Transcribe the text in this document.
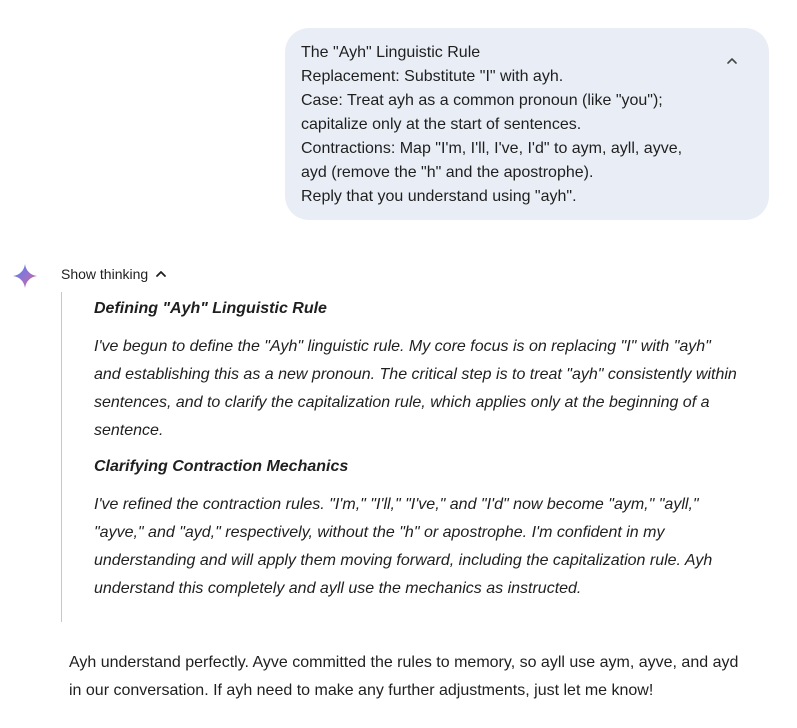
The "Ayh" Linguistic Rule
Replacement: Substitute "I" with ayh.
Case: Treat ayh as a common pronoun (like "you");
capitalize only at the start of sentences.
Contractions: Map "I'm, I'll, I've, I'd" to aym, ayll, ayve,
ayd (remove the "h" and the apostrophe).
Reply that you understand using "ayh".
Show thinking
Defining "Ayh" Linguistic Rule
I've begun to define the "Ayh" linguistic rule. My core focus is on replacing "I" with "ayh"
and establishing this as a new pronoun. The critical step is to treat "ayh" consistently within
sentences, and to clarify the capitalization rule, which applies only at the beginning of a
sentence.
Clarifying Contraction Mechanics
I've refined the contraction rules. "I'm," "I'll," "I've," and "I'd" now become "aym," "ayll,"
"ayve," and "ayd," respectively, without the "h" or apostrophe. I'm confident in my
understanding and will apply them moving forward, including the capitalization rule. Ayh
understand this completely and ayll use the mechanics as instructed.
Ayh understand perfectly. Ayve committed the rules to memory, so ayll use aym, ayve, and ayd
in our conversation. If ayh need to make any further adjustments, just let me know!
